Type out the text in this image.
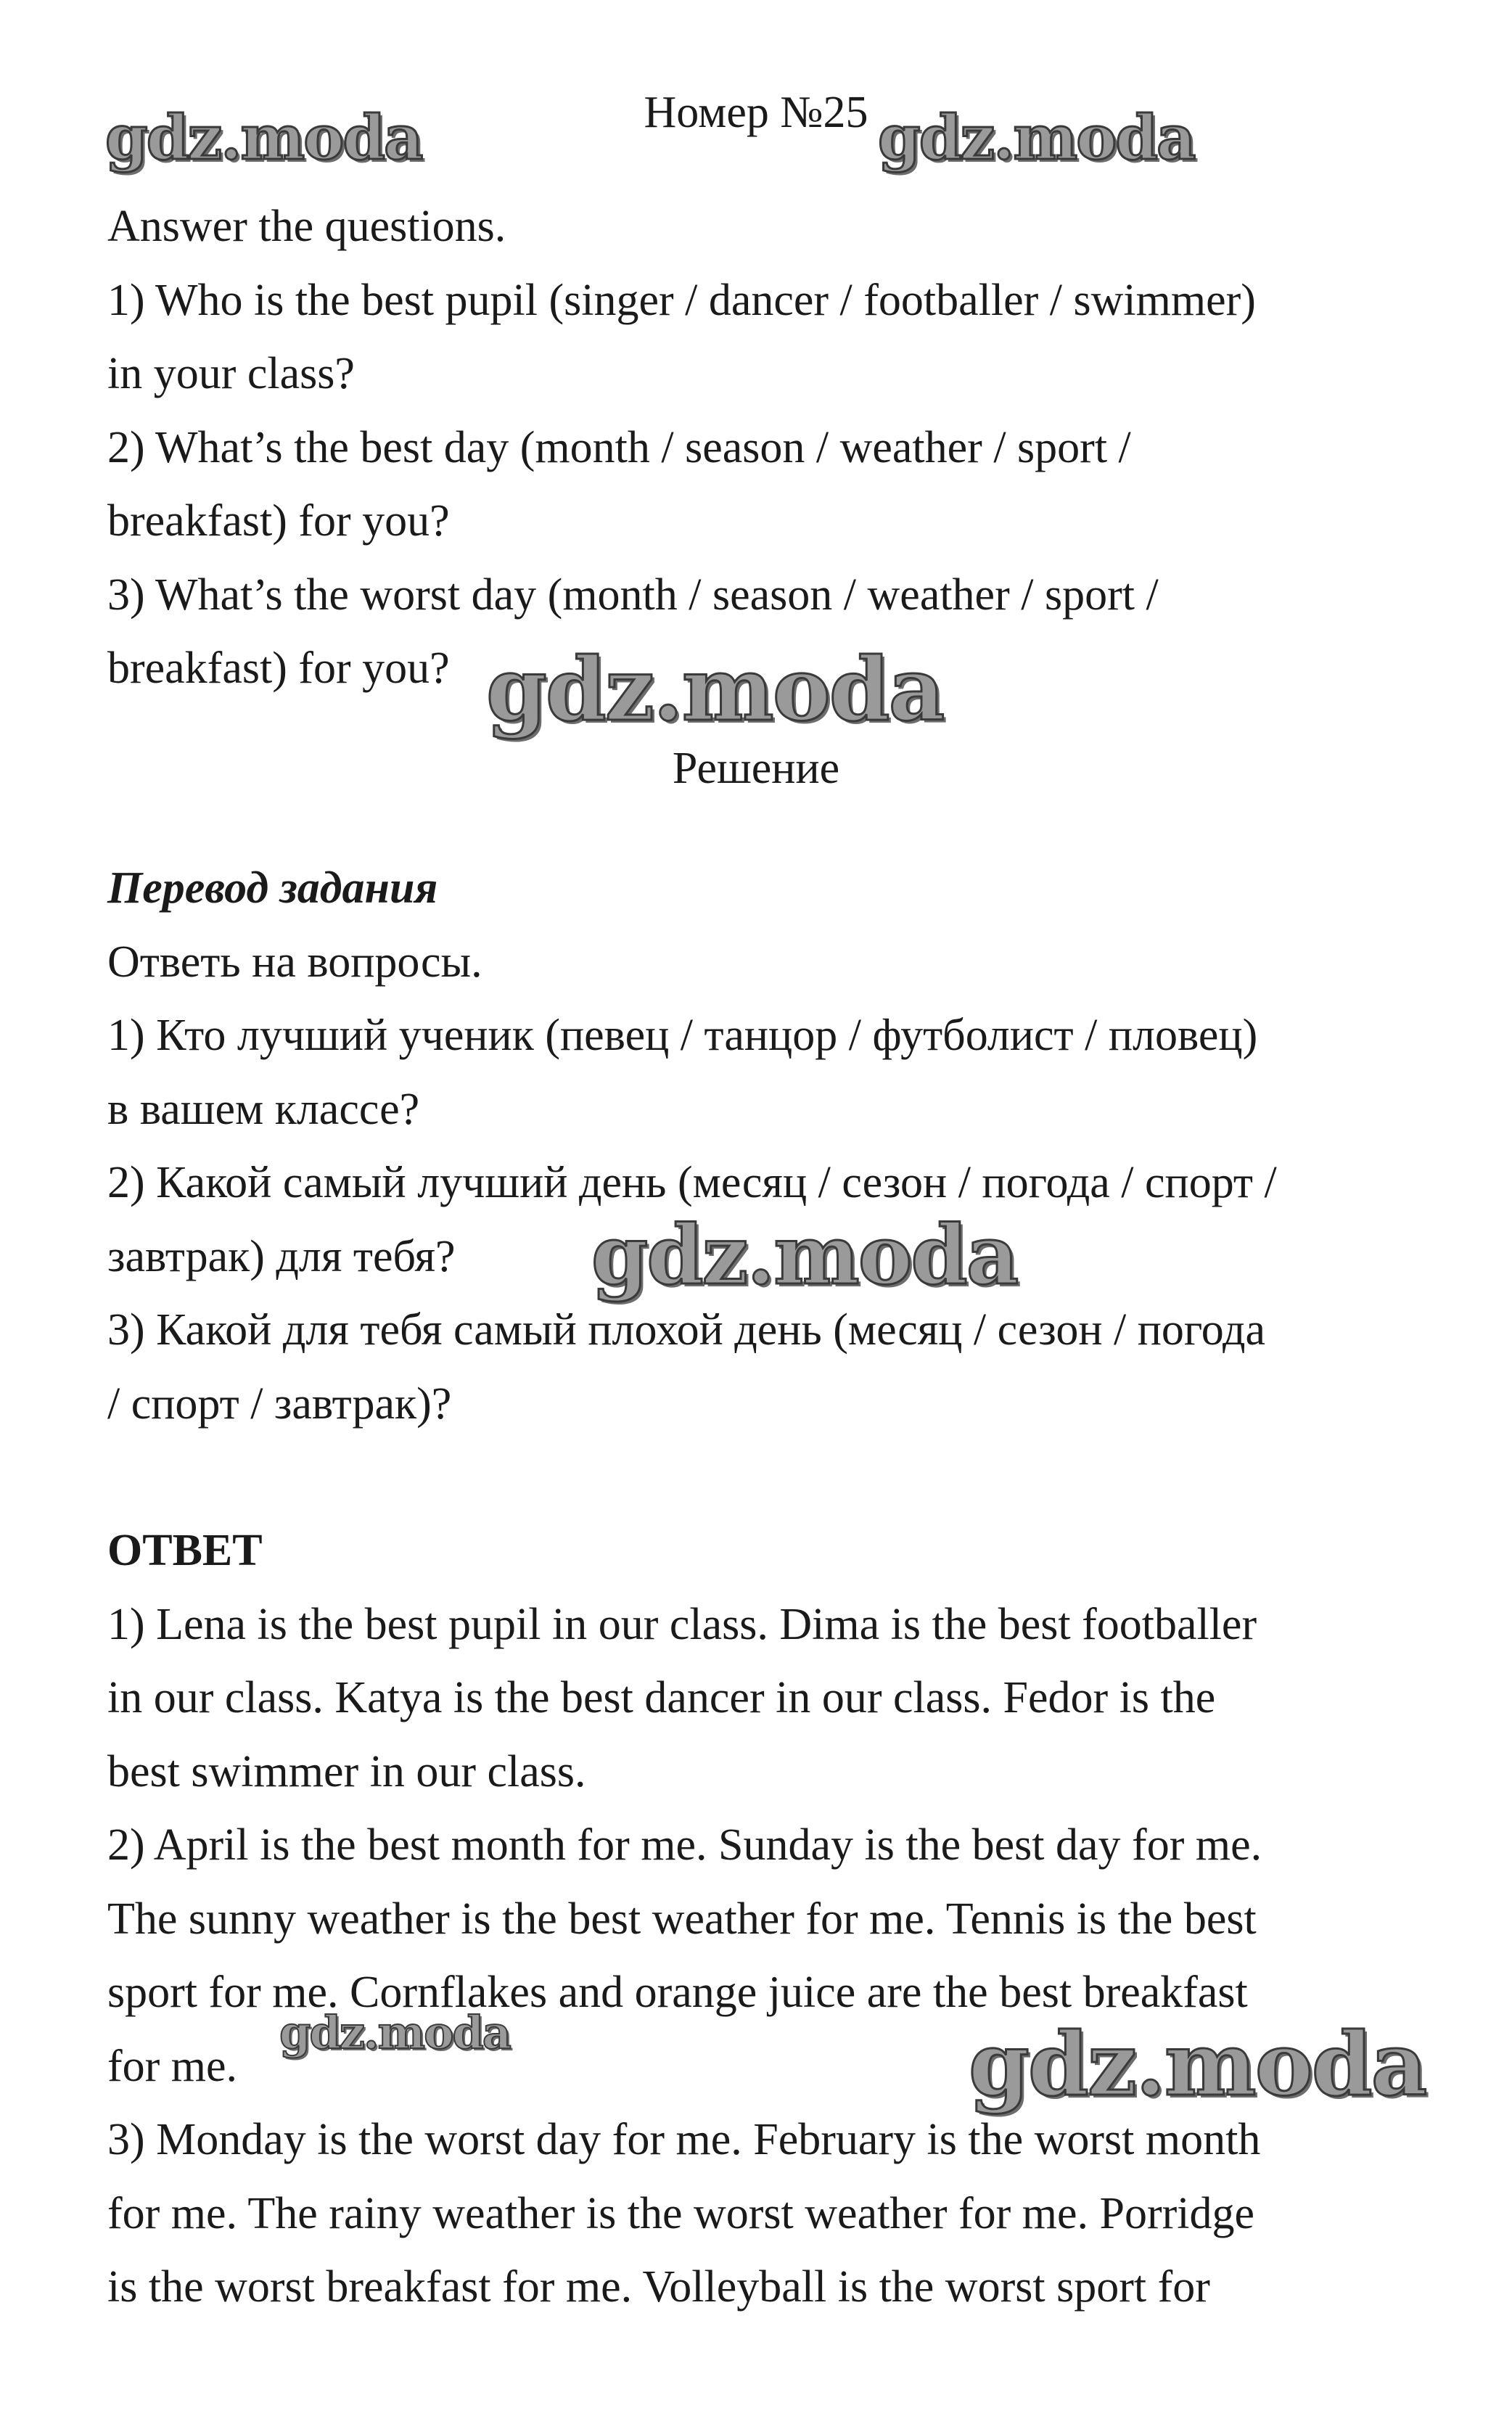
gdz.moda	gdz.moda
gdz.moda
gdz.moda
gdz.moda	gdz.moda
Номер №25
Answer the questions.
1) Who is the best pupil (singer / dancer / footballer / swimmer)
in your class?
2) What’s the best day (month / season / weather / sport /
breakfast) for you?
3) What’s the worst day (month / season / weather / sport /
breakfast) for you?
Решение
Перевод задания
Ответь на вопросы.
1) Кто лучший ученик (певец / танцор / футболист / пловец)
в вашем классе?
2) Какой самый лучший день (месяц / сезон / погода / спорт /
завтрак) для тебя?
3) Какой для тебя самый плохой день (месяц / сезон / погода
/ спорт / завтрак)?
ОТВЕТ
1) Lena is the best pupil in our class. Dima is the best footballer
in our class. Katya is the best dancer in our class. Fedor is the
best swimmer in our class.
2) April is the best month for me. Sunday is the best day for me.
The sunny weather is the best weather for me. Tennis is the best
sport for me. Cornflakes and orange juice are the best breakfast
for me.
3) Monday is the worst day for me. February is the worst month
for me. The rainy weather is the worst weather for me. Porridge
is the worst breakfast for me. Volleyball is the worst sport for
